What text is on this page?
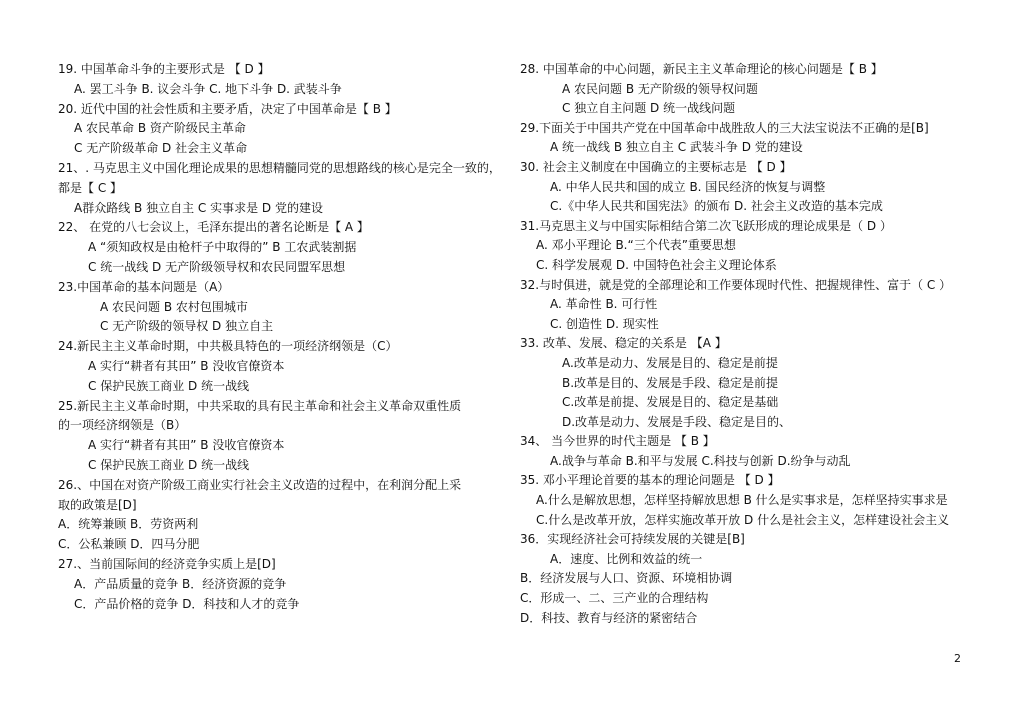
19. 中国革命斗争的主要形式是 【 D 】
A. 罢工斗争 B. 议会斗争 C. 地下斗争 D. 武装斗争
20. 近代中国的社会性质和主要矛盾，决定了中国革命是【 B 】
A 农民革命 B 资产阶级民主革命
C 无产阶级革命 D 社会主义革命
21、. 马克思主义中国化理论成果的思想精髓同党的思想路线的核心是完全一致的，
都是【 C 】
A群众路线 B 独立自主 C 实事求是 D 党的建设
22、 在党的八七会议上，毛泽东提出的著名论断是【 A 】
A “须知政权是由枪杆子中取得的” B 工农武装割据
C 统一战线 D 无产阶级领导权和农民同盟军思想
23.中国革命的基本问题是（A）
A 农民问题 B 农村包围城市
C 无产阶级的领导权 D 独立自主
24.新民主主义革命时期，中共极具特色的一项经济纲领是（C）
A 实行“耕者有其田” B 没收官僚资本
C 保护民族工商业 D 统一战线
25.新民主主义革命时期，中共采取的具有民主革命和社会主义革命双重性质
的一项经济纲领是（B）
A 实行“耕者有其田” B 没收官僚资本
C 保护民族工商业 D 统一战线
26.、中国在对资产阶级工商业实行社会主义改造的过程中，在利润分配上采
取的政策是[D]
A．统筹兼顾 B．劳资两利
C．公私兼顾 D．四马分肥
27.、当前国际间的经济竞争实质上是[D]
A．产品质量的竞争 B．经济资源的竞争
C．产品价格的竞争 D．科技和人才的竞争
28. 中国革命的中心问题，新民主主义革命理论的核心问题是【 B 】
A 农民问题 B 无产阶级的领导权问题
C 独立自主问题 D 统一战线问题
29.下面关于中国共产党在中国革命中战胜敌人的三大法宝说法不正确的是[B]
A 统一战线 B 独立自主 C 武装斗争 D 党的建设
30. 社会主义制度在中国确立的主要标志是 【 D 】
A. 中华人民共和国的成立 B. 国民经济的恢复与调整
C.《中华人民共和国宪法》的颁布 D. 社会主义改造的基本完成
31.马克思主义与中国实际相结合第二次飞跃形成的理论成果是（ D ）
A. 邓小平理论 B.“三个代表”重要思想
C. 科学发展观 D. 中国特色社会主义理论体系
32.与时俱进，就是党的全部理论和工作要体现时代性、把握规律性、富于（ C ）
A. 革命性 B. 可行性
C. 创造性 D. 现实性
33. 改革、发展、稳定的关系是 【A 】
A.改革是动力、发展是目的、稳定是前提
B.改革是目的、发展是手段、稳定是前提
C.改革是前提、发展是目的、稳定是基础
D.改革是动力、发展是手段、稳定是目的、
34、 当今世界的时代主题是 【 B 】
A.战争与革命 B.和平与发展 C.科技与创新 D.纷争与动乱
35. 邓小平理论首要的基本的理论问题是 【 D 】
A.什么是解放思想，怎样坚持解放思想 B 什么是实事求是，怎样坚持实事求是
C.什么是改革开放，怎样实施改革开放 D 什么是社会主义，怎样建设社会主义
36．实现经济社会可持续发展的关键是[B]
A．速度、比例和效益的统一
B．经济发展与人口、资源、环境相协调
C．形成一、二、三产业的合理结构
D．科技、教育与经济的紧密结合
2
